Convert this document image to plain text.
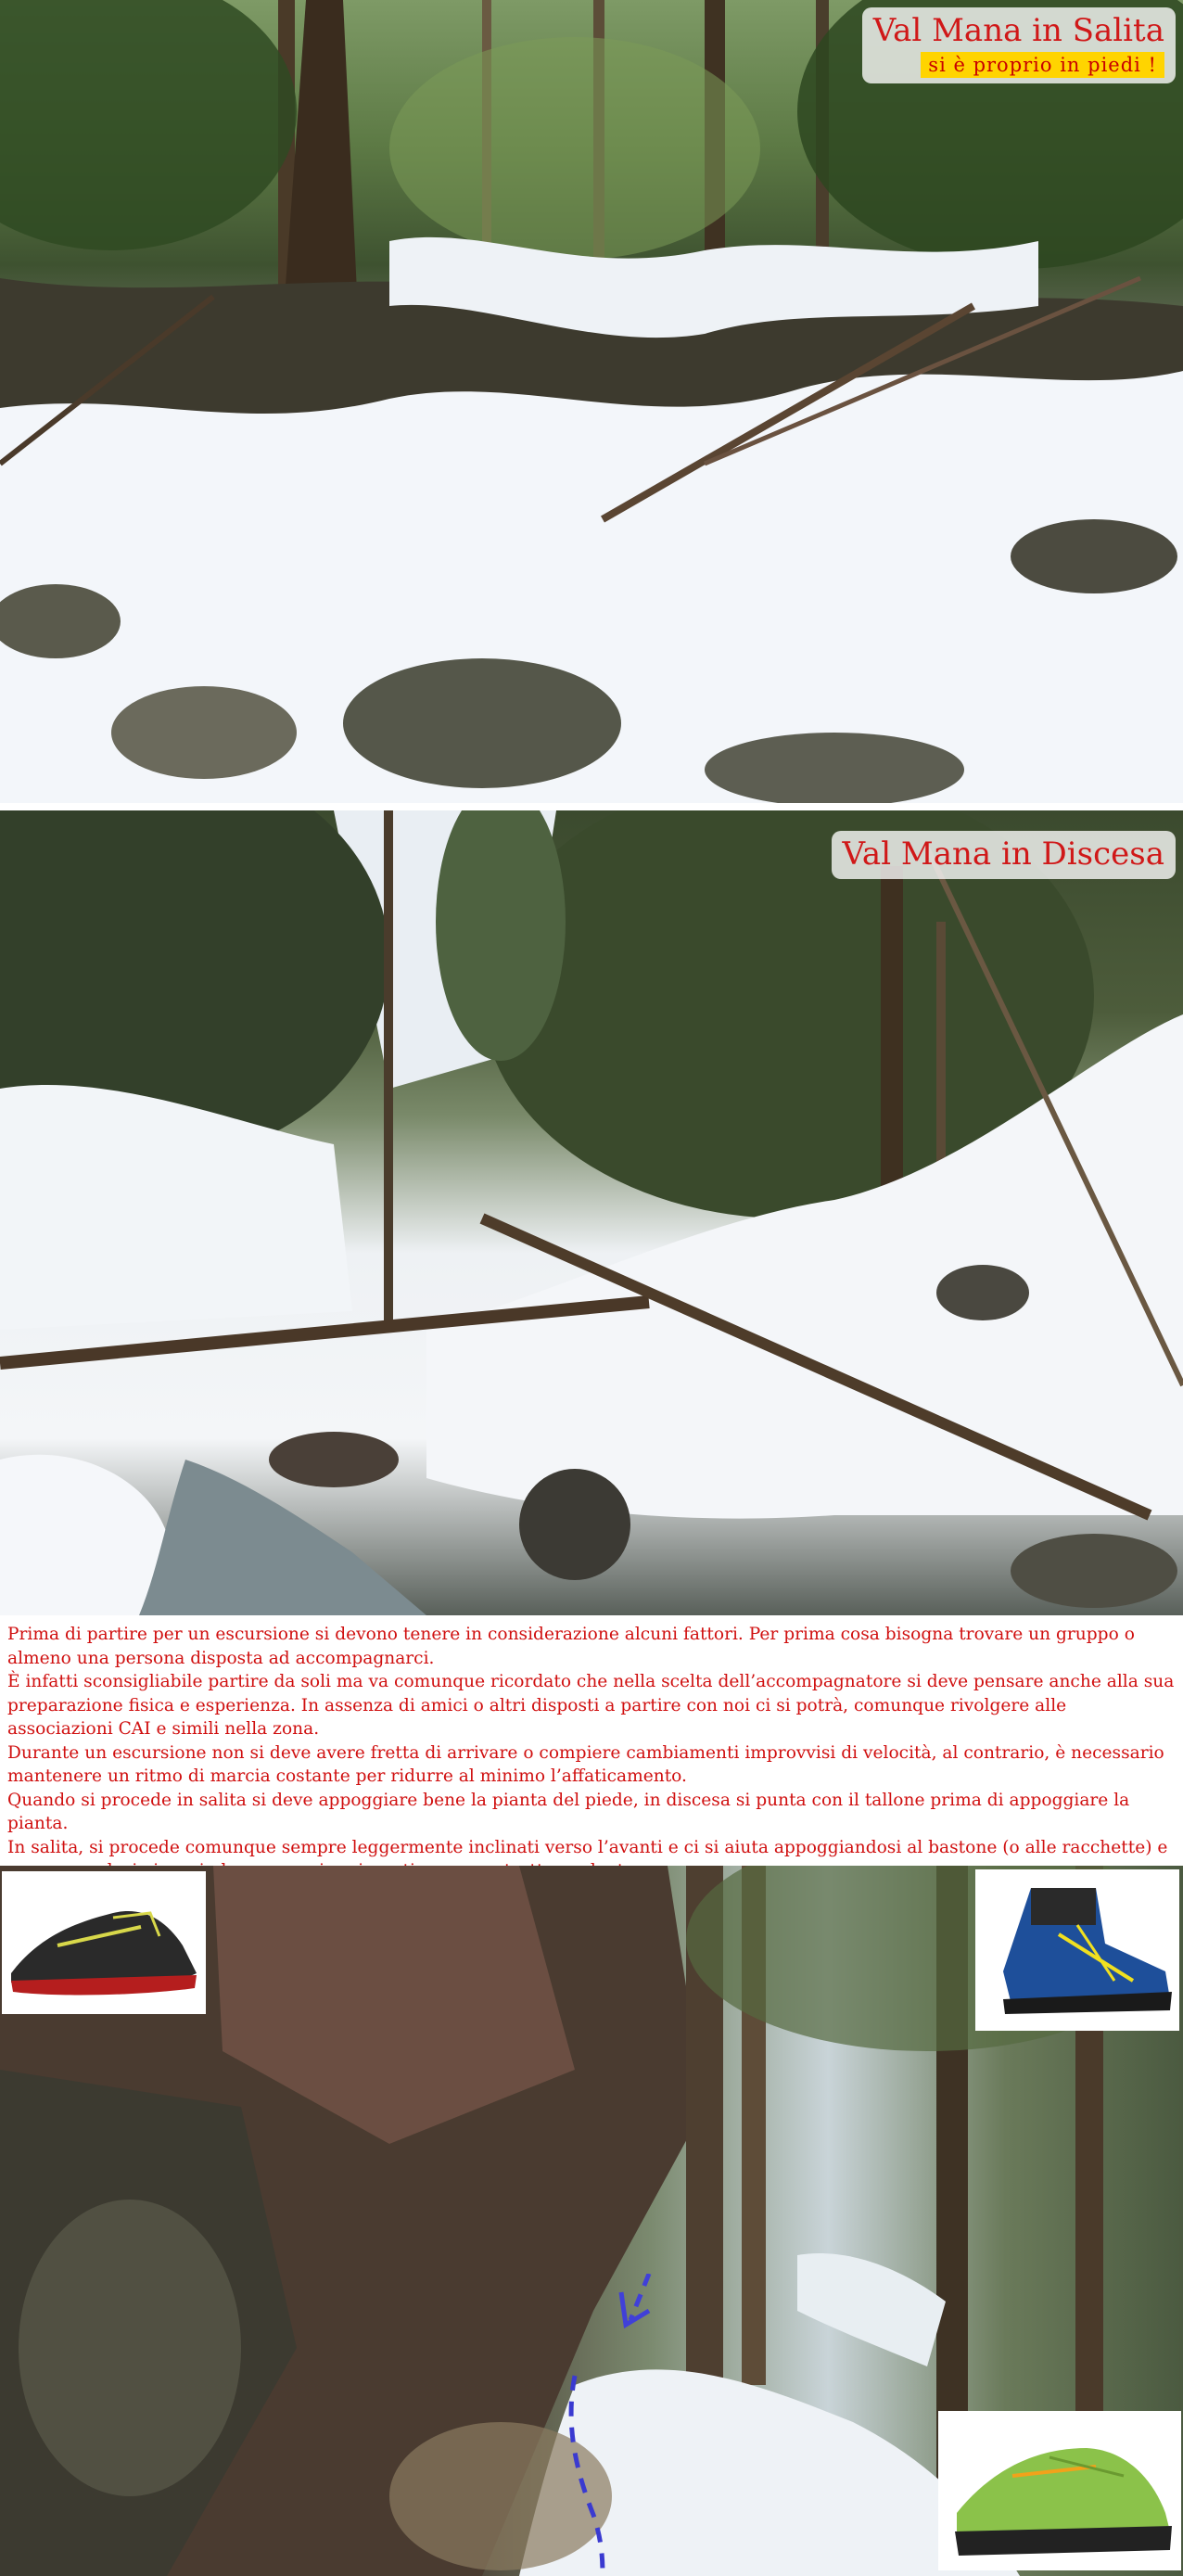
Val Mana in Salita
si è proprio in piedi !
Val Mana in Discesa

Prima di partire per un escursione si devono tenere in considerazione alcuni fattori. Per prima cosa bisogna trovare un gruppo o almeno una persona disposta ad accompagnarci.

È infatti sconsigliabile partire da soli ma va comunque ricordato che nella scelta dell’accompagnatore si deve pensare anche alla sua preparazione fisica e esperienza. In assenza di amici o altri disposti a partire con noi ci si potrà, comunque rivolgere alle associazioni CAI e simili nella zona.

Durante un escursione non si deve avere fretta di arrivare o compiere cambiamenti improvvisi di velocità, al contrario, è necessario mantenere un ritmo di marcia costante per ridurre al minimo l’affaticamento.

Quando si procede in salita si deve appoggiare bene la pianta del piede, in discesa si punta con il tallone prima di appoggiare la pianta.

In salita, si procede comunque sempre leggermente inclinati verso l’avanti e ci si aiuta appoggiandosi al bastone (o alle racchette) e
